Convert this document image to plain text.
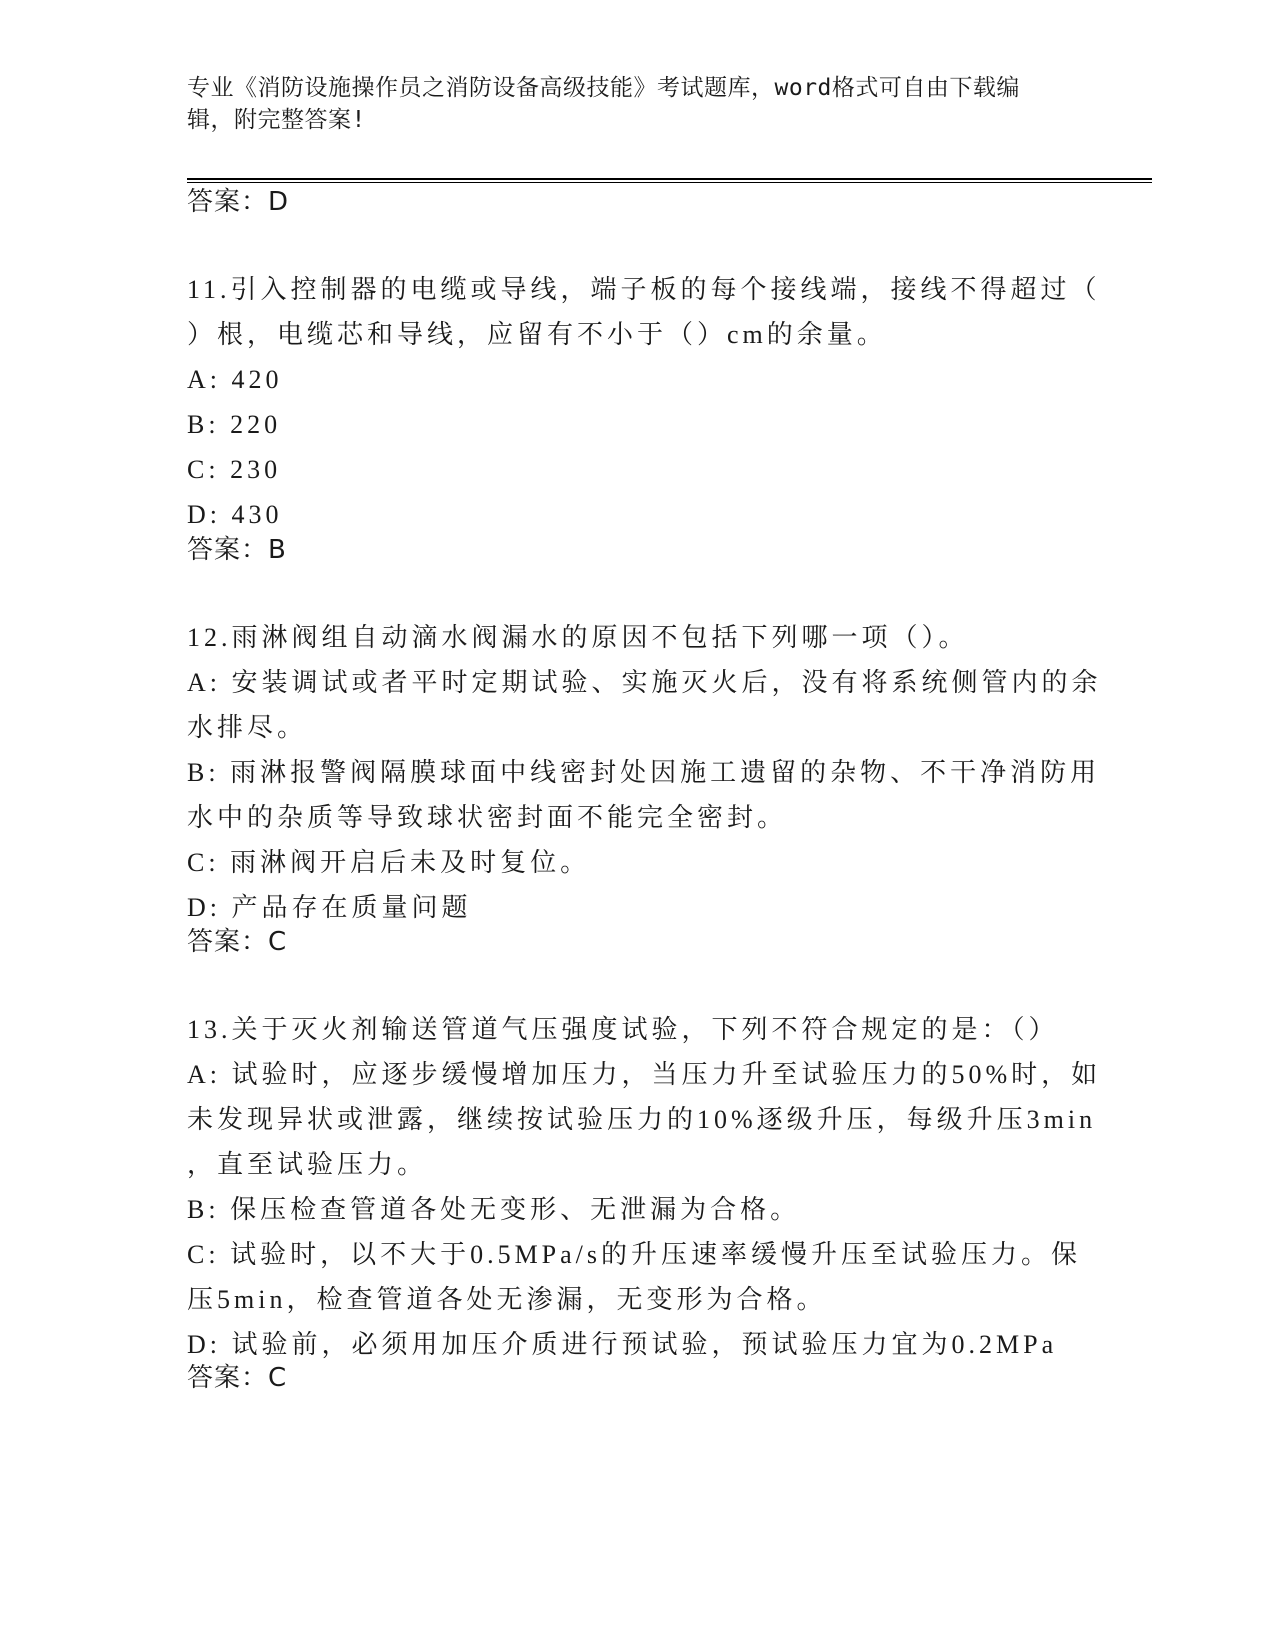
专业《消防设施操作员之消防设备高级技能》考试题库，word格式可自由下载编
辑，附完整答案!
答案：D
11.引入控制器的电缆或导线，端子板的每个接线端，接线不得超过（
）根，电缆芯和导线，应留有不小于（）cm的余量。
A: 420
B: 220
C: 230
D: 430
答案：B
12.雨淋阀组自动滴水阀漏水的原因不包括下列哪一项（）。
A: 安装调试或者平时定期试验、实施灭火后，没有将系统侧管内的余
水排尽。
B: 雨淋报警阀隔膜球面中线密封处因施工遗留的杂物、不干净消防用
水中的杂质等导致球状密封面不能完全密封。
C: 雨淋阀开启后未及时复位。
D: 产品存在质量问题
答案：C
13.关于灭火剂输送管道气压强度试验，下列不符合规定的是：（）
A: 试验时，应逐步缓慢增加压力，当压力升至试验压力的50%时，如
未发现异状或泄露，继续按试验压力的10%逐级升压，每级升压3min
，直至试验压力。
B: 保压检查管道各处无变形、无泄漏为合格。
C: 试验时，以不大于0.5MPa/s的升压速率缓慢升压至试验压力。保
压5min，检查管道各处无渗漏，无变形为合格。
D: 试验前，必须用加压介质进行预试验，预试验压力宜为0.2MPa
答案：C
